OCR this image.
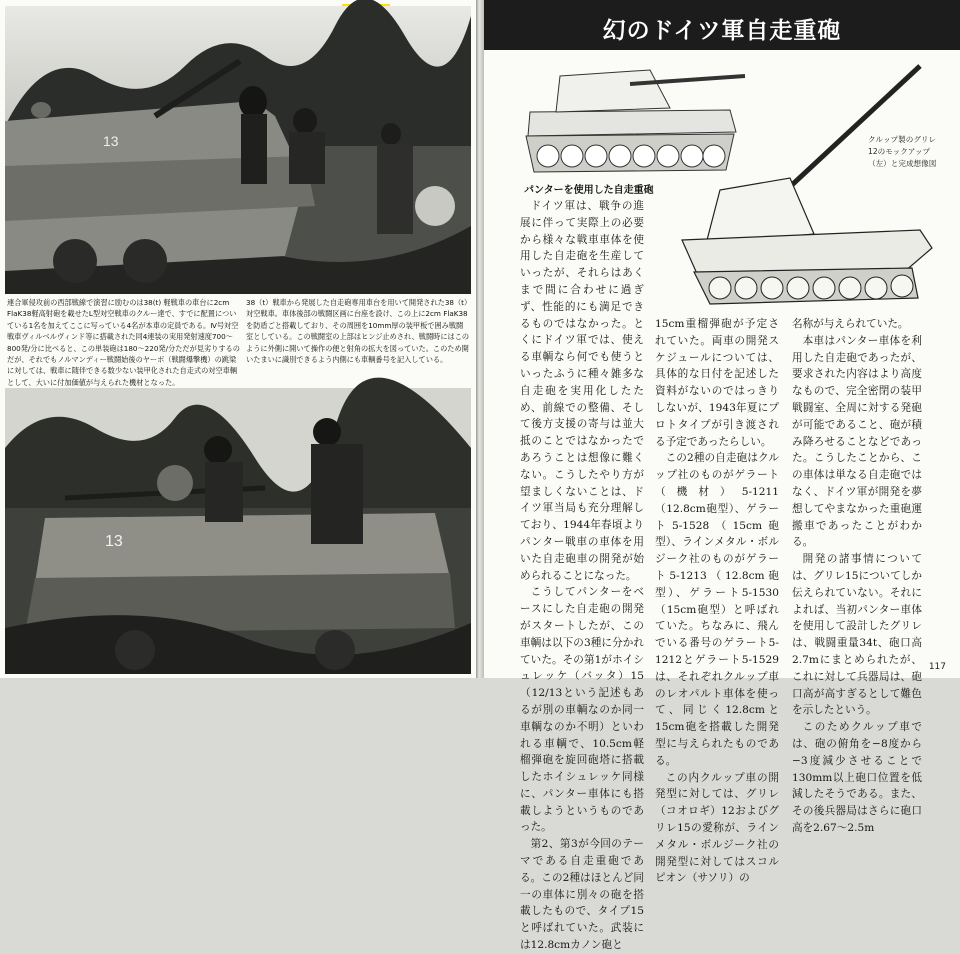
13
連合軍侵攻前の西部戦線で演習に励むのは38(t) 軽戦車の車台に2cm FlaK38軽高射砲を載せたL型対空戦車のクルー達で、すでに配置についている1名を加えてここに写っている4名が本車の定員である。Ⅳ号対空戦車ヴィルベルヴィンド等に搭載された同4連装の実用発射速度700〜800発/分に比べると、この単装砲は180〜220発/分ただが見劣りするのだが、それでもノルマンディー戦闘始後のヤーボ（戦闘爆撃機）の跳梁に対しては、戦車に随伴できる数少ない装甲化された自走式の対空車輌として、大いに付加価値が与えられた機材となった。
38（t）戦車から発展した自走砲専用車台を用いて開発された38（t）対空戦車。車体後部の戦闘区画に台座を設け、この上に2cm FlaK38を防盾ごと搭載しており、その周囲を10mm厚の装甲板で囲み戦闘室としている。この戦闘室の上部はヒンジ止めされ、戦闘時にはこのように外側に開いて操作の便と射角の拡大を図っていた。このため開いたまいに識別できるよう内側にも車輌番号を記入している。
13
幻のドイツ軍自走重砲
クルップ製のグリレ12のモックアップ（左）と完成想像図
パンターを使用した自走重砲

ドイツ軍は、戦争の進展に伴って実際上の必要から様々な戦車車体を使用した自走砲を生産していったが、それらはあくまで間に合わせに過ぎず、性能的にも満足できるものではなかった。とくにドイツ軍では、使える車輌なら何でも使うといったふうに種々雑多な自走砲を実用化したため、前線での整備、そして後方支援の寄与は並大抵のことではなかったであろうことは想像に難くない。こうしたやり方が望ましくないことは、ドイツ軍当局も充分理解しており、1944年春頃よりパンター戦車の車体を用いた自走砲車の開発が始められることになった。

こうしてパンターをベースにした自走砲の開発がスタートしたが、この車輌は以下の3種に分かれていた。その第1がホイシュレッケ（バッタ）15（12/13という記述もあるが別の車輌なのか同一車輌なのか不明）といわれる車輌で、10.5cm軽榴弾砲を旋回砲塔に搭載したホイシュレッケ同様に、パンター車体にも搭載しようというものであった。

第2、第3が今回のテーマである自走重砲である。この2種はほとんど同一の車体に別々の砲を搭載したもので、タイプ15と呼ばれていた。武装には12.8cmカノン砲と

15cm重榴弾砲が予定されていた。両車の開発スケジュールについては、具体的な日付を記述した資料がないのではっきりしないが、1943年夏にプロトタイプが引き渡される予定であったらしい。

この2種の自走砲はクルップ社のものがゲラート（機材）5-1211（12.8cm砲型）、ゲラート5-1528（15cm砲型）、ラインメタル・ボルジーク社のものがゲラート5-1213（12.8cm砲型）、ゲラート5-1530（15cm砲型）と呼ばれていた。ちなみに、飛んでいる番号のゲラート5-1212とゲラート5-1529は、それぞれクルップ車のレオパルト車体を使って、同じく12.8cmと15cm砲を搭載した開発型に与えられたものである。

この内クルップ車の開発型に対しては、グリレ（コオロギ）12およびグリレ15の愛称が、ラインメタル・ボルジーク社の開発型に対してはスコルピオン（サソリ）の

名称が与えられていた。

本車はパンター車体を利用した自走砲であったが、要求された内容はより高度なもので、完全密閉の装甲戦闘室、全周に対する発砲が可能であること、砲が積み降ろせることなどであった。こうしたことから、この車体は単なる自走砲ではなく、ドイツ軍が開発を夢想してやまなかった重砲運搬車であったことがわかる。

開発の諸事情については、グリレ15についてしか伝えられていない。それによれば、当初パンター車体を使用して設計したグリレは、戦闘重量34t、砲口高2.7mにまとめられたが、これに対して兵器局は、砲口高が高すぎるとして難色を示したという。

このためクルップ車では、砲の俯角を−8度から−3度減少させることで130mm以上砲口位置を低減したそうである。また、その後兵器局はさらに砲口高を2.67〜2.5m

117
